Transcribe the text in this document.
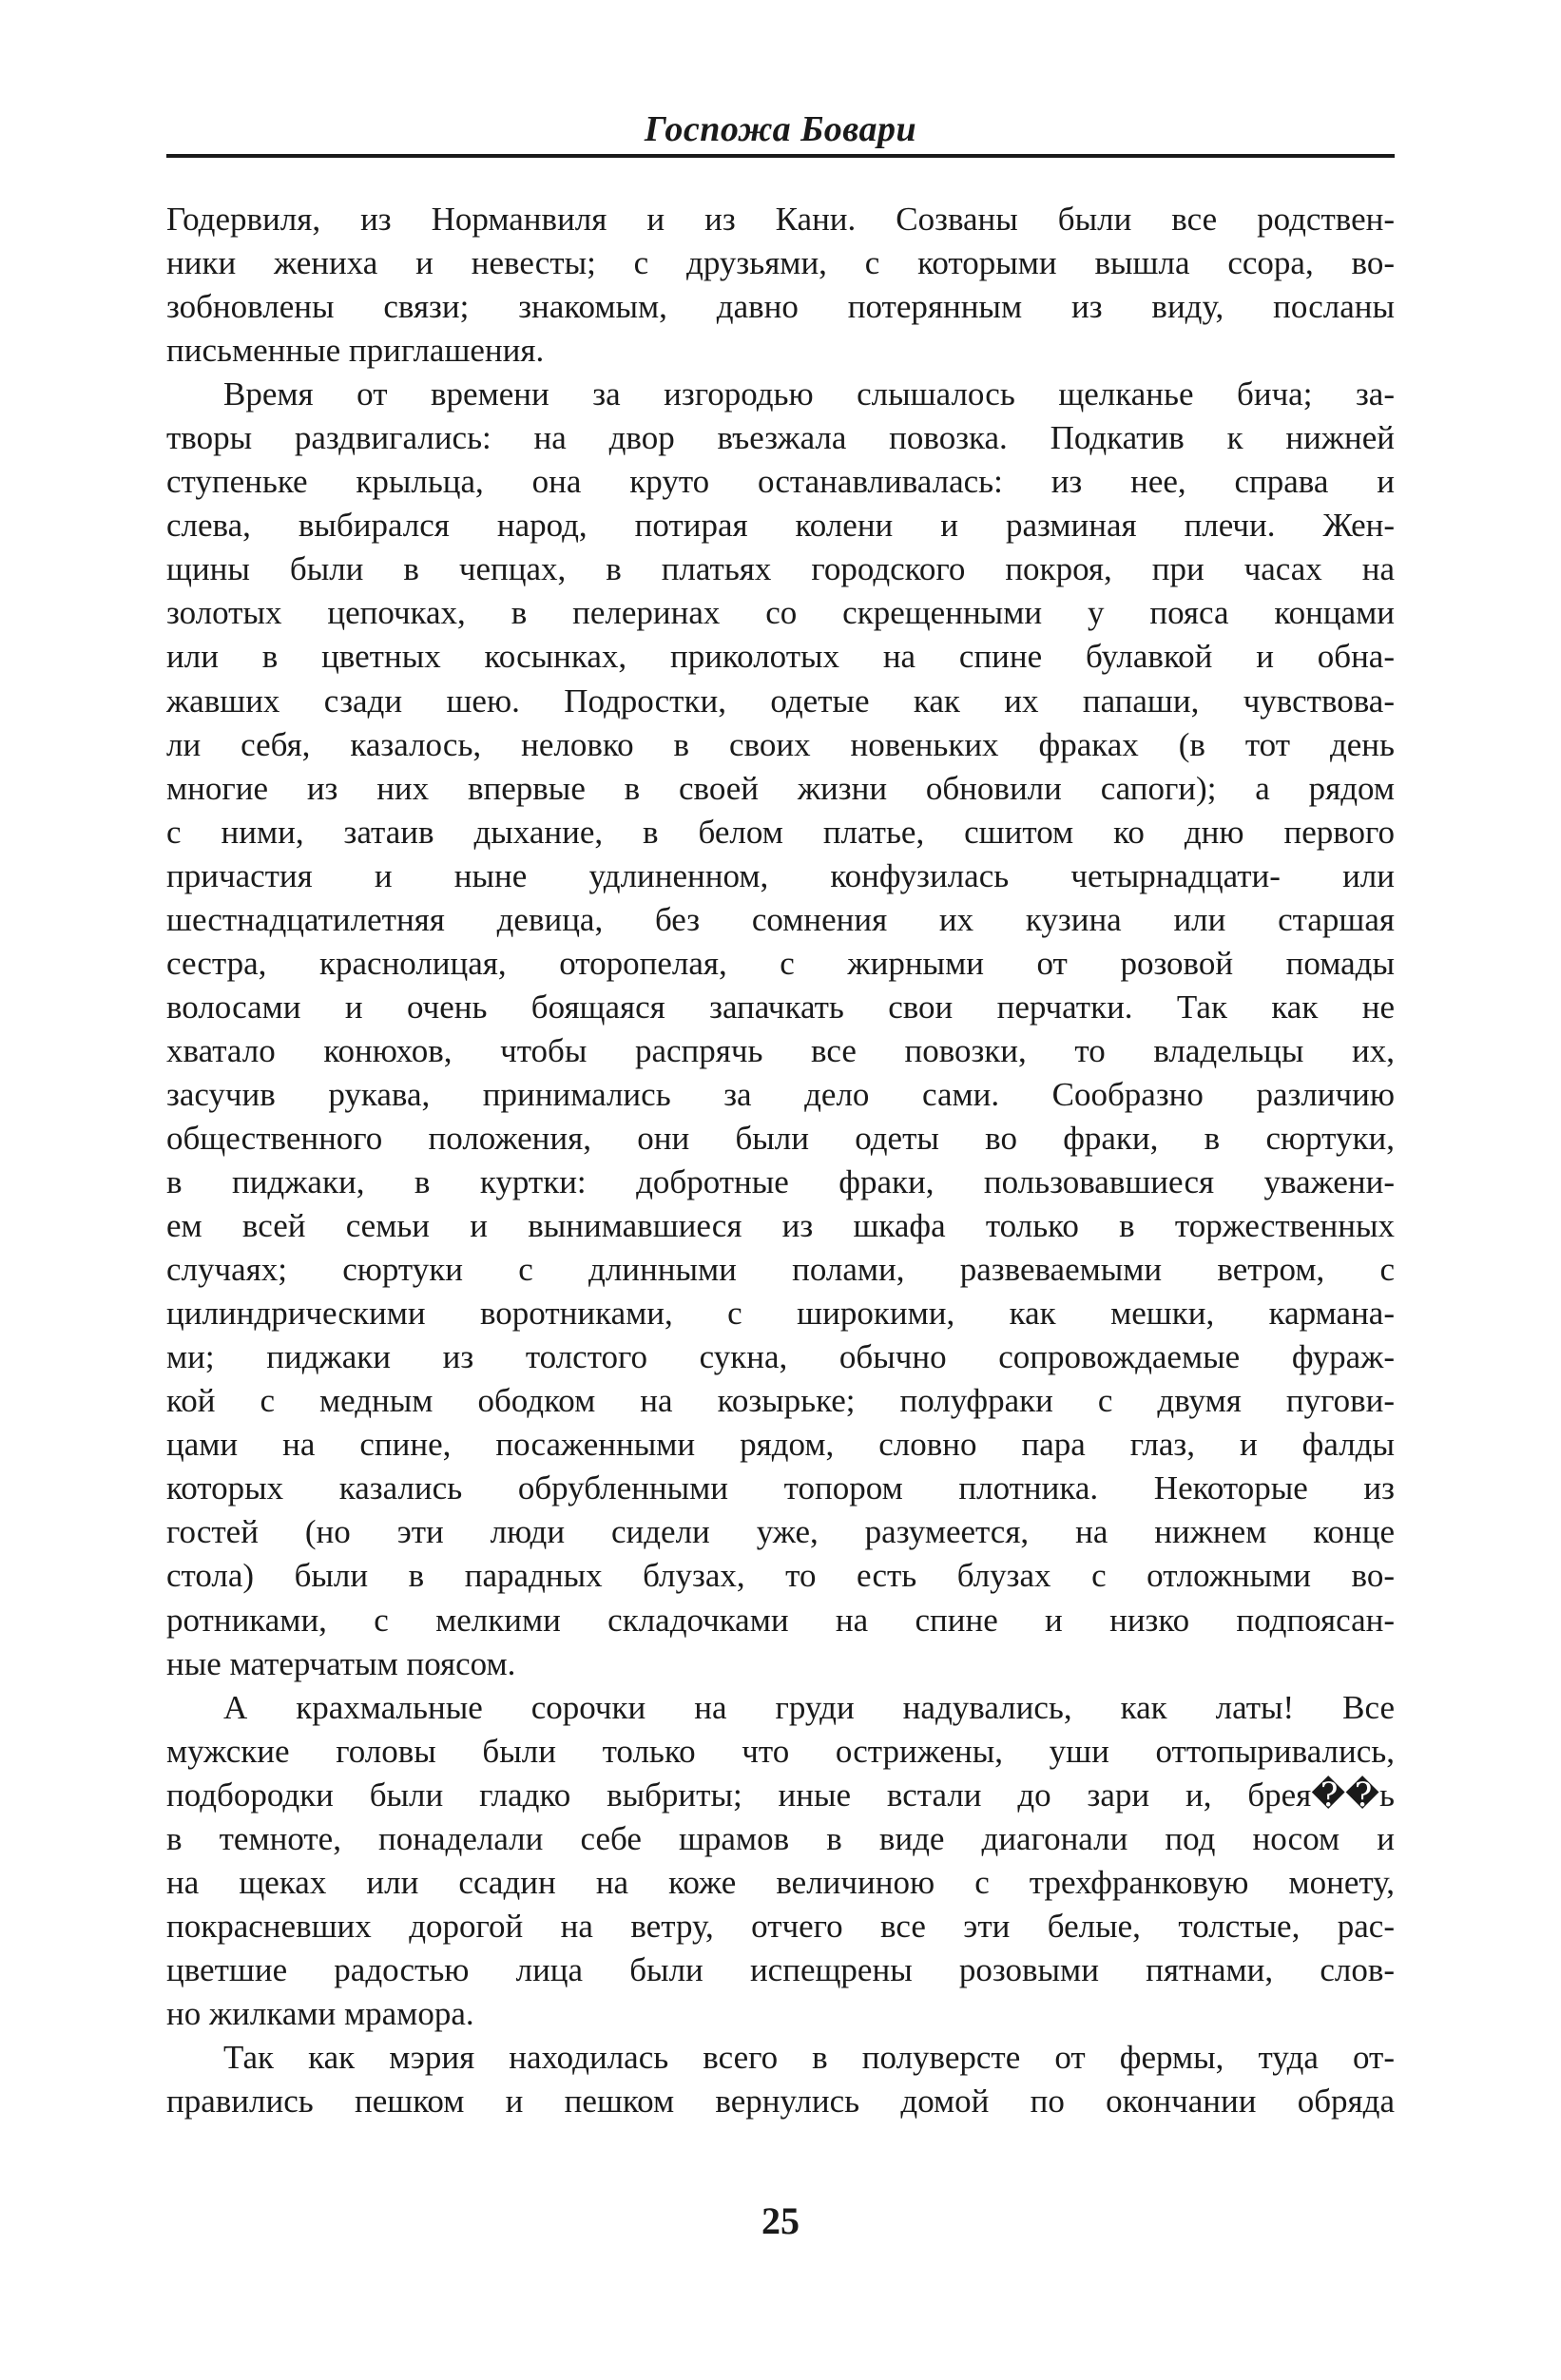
Госпожа Бовари
Годервиля, из Норманвиля и из Кани. Созваны были все родствен-
ники жениха и невесты; с друзьями, с которыми вышла ссора, во-
зобновлены связи; знакомым, давно потерянным из виду, посланы
письменные приглашения.
Время от времени за изгородью слышалось щелканье бича; за-
творы раздвигались: на двор въезжала повозка. Подкатив к нижней
ступеньке крыльца, она круто останавливалась: из нее, справа и
слева, выбирался народ, потирая колени и разминая плечи. Жен-
щины были в чепцах, в платьях городского покроя, при часах на
золотых цепочках, в пелеринах со скрещенными у пояса концами
или в цветных косынках, приколотых на спине булавкой и обна-
жавших сзади шею. Подростки, одетые как их папаши, чувствова-
ли себя, казалось, неловко в своих новеньких фраках (в тот день
многие из них впервые в своей жизни обновили сапоги); а рядом
с ними, затаив дыхание, в белом платье, сшитом ко дню первого
причастия и ныне удлиненном, конфузилась четырнадцати- или
шестнадцатилетняя девица, без сомнения их кузина или старшая
сестра, краснолицая, оторопелая, с жирными от розовой помады
волосами и очень боящаяся запачкать свои перчатки. Так как не
хватало конюхов, чтобы распрячь все повозки, то владельцы их,
засучив рукава, принимались за дело сами. Сообразно различию
общественного положения, они были одеты во фраки, в сюртуки,
в пиджаки, в куртки: добротные фраки, пользовавшиеся уважени-
ем всей семьи и вынимавшиеся из шкафа только в торжественных
случаях; сюртуки с длинными полами, развеваемыми ветром, с
цилиндрическими воротниками, с широкими, как мешки, кармана-
ми; пиджаки из толстого сукна, обычно сопровождаемые фураж-
кой с медным ободком на козырьке; полуфраки с двумя пугови-
цами на спине, посаженными рядом, словно пара глаз, и фалды
которых казались обрубленными топором плотника. Некоторые из
гостей (но эти люди сидели уже, разумеется, на нижнем конце
стола) были в парадных блузах, то есть блузах с отложными во-
ротниками, с мелкими складочками на спине и низко подпоясан-
ные матерчатым поясом.
А крахмальные сорочки на груди надувались, как латы! Все
мужские головы были только что острижены, уши оттопыривались,
подбородки были гладко выбриты; иные встали до зари и, брея��ь
в темноте, понаделали себе шрамов в виде диагонали под носом и
на щеках или ссадин на коже величиною с трехфранковую монету,
покрасневших дорогой на ветру, отчего все эти белые, толстые, рас-
цветшие радостью лица были испещрены розовыми пятнами, слов-
но жилками мрамора.
Так как мэрия находилась всего в полуверсте от фермы, туда от-
правились пешком и пешком вернулись домой по окончании обряда
25
